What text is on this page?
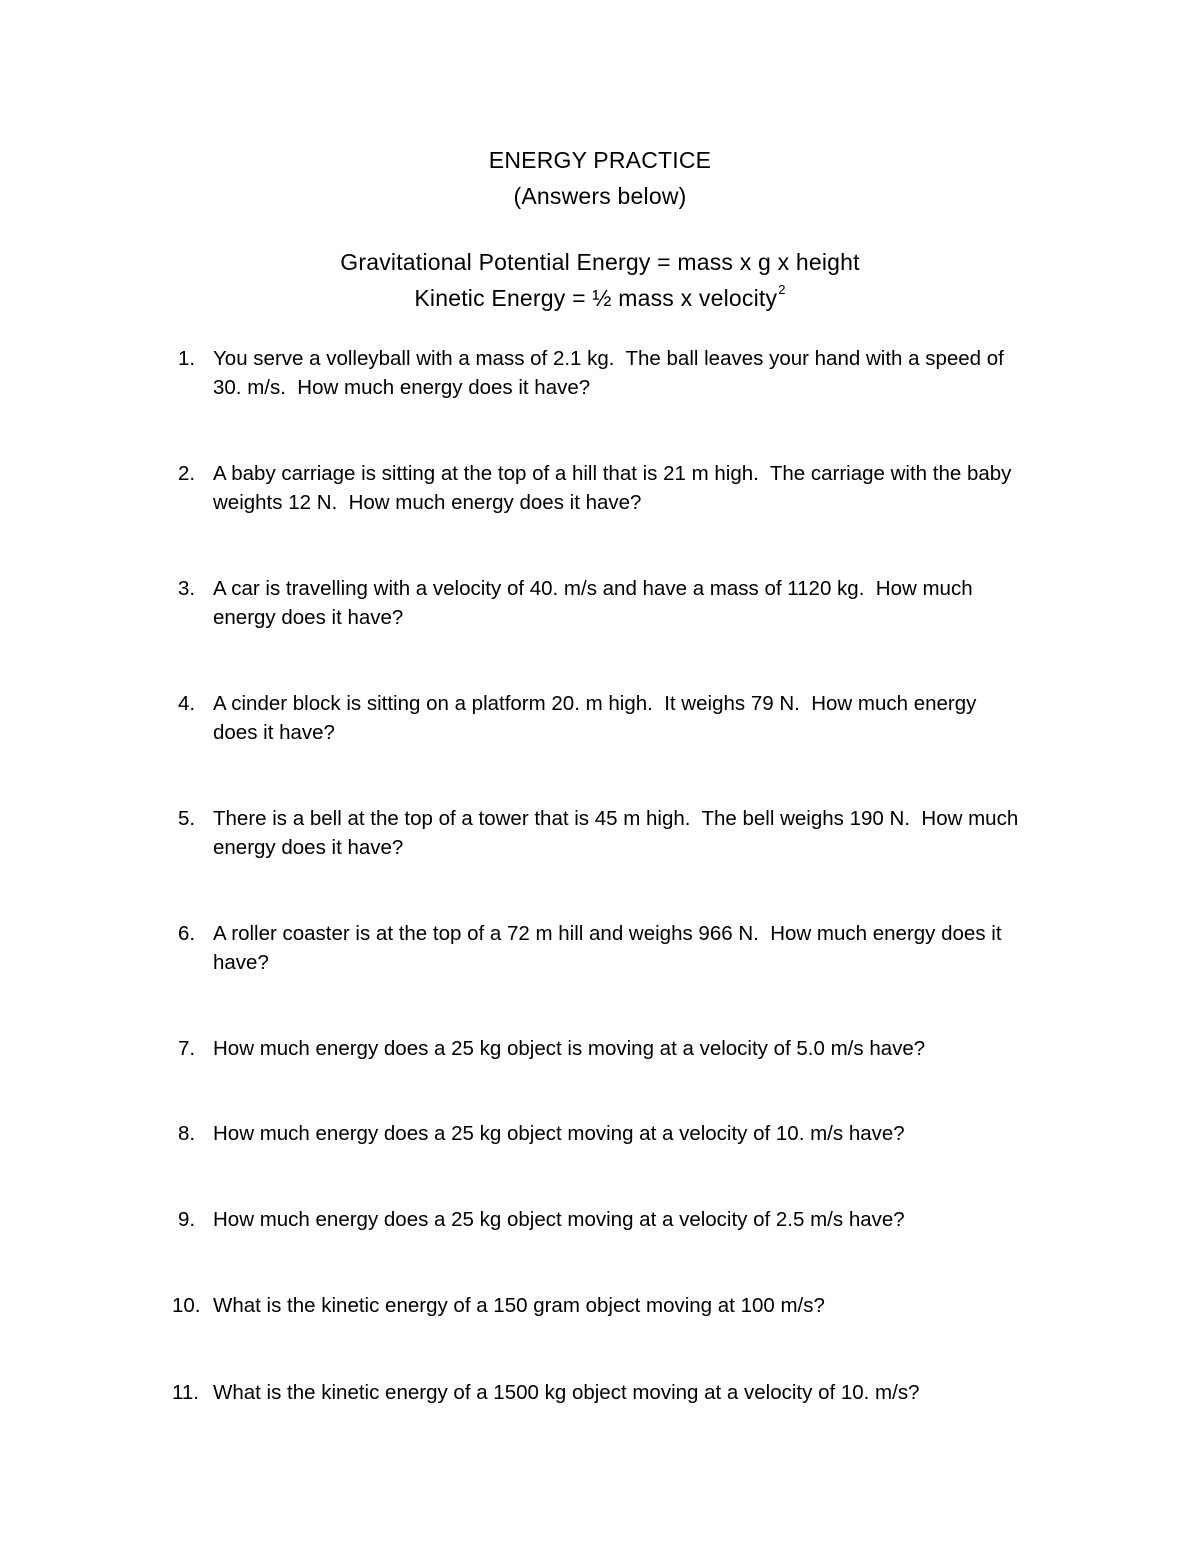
ENERGY PRACTICE
(Answers below)
Gravitational Potential Energy = mass x g x height
Kinetic Energy = ½ mass x velocity$^2$
1. You serve a volleyball with a mass of 2.1 kg.  The ball leaves your hand with a speed of
30. m/s.  How much energy does it have?
2. A baby carriage is sitting at the top of a hill that is 21 m high.  The carriage with the baby
weights 12 N.  How much energy does it have?
3. A car is travelling with a velocity of 40. m/s and have a mass of 1120 kg.  How much
energy does it have?
4. A cinder block is sitting on a platform 20. m high.  It weighs 79 N.  How much energy
does it have?
5. There is a bell at the top of a tower that is 45 m high.  The bell weighs 190 N.  How much
energy does it have?
6. A roller coaster is at the top of a 72 m hill and weighs 966 N.  How much energy does it
have?
7. How much energy does a 25 kg object is moving at a velocity of 5.0 m/s have?
8. How much energy does a 25 kg object moving at a velocity of 10. m/s have?
9. How much energy does a 25 kg object moving at a velocity of 2.5 m/s have?
10. What is the kinetic energy of a 150 gram object moving at 100 m/s?
11. What is the kinetic energy of a 1500 kg object moving at a velocity of 10. m/s?
